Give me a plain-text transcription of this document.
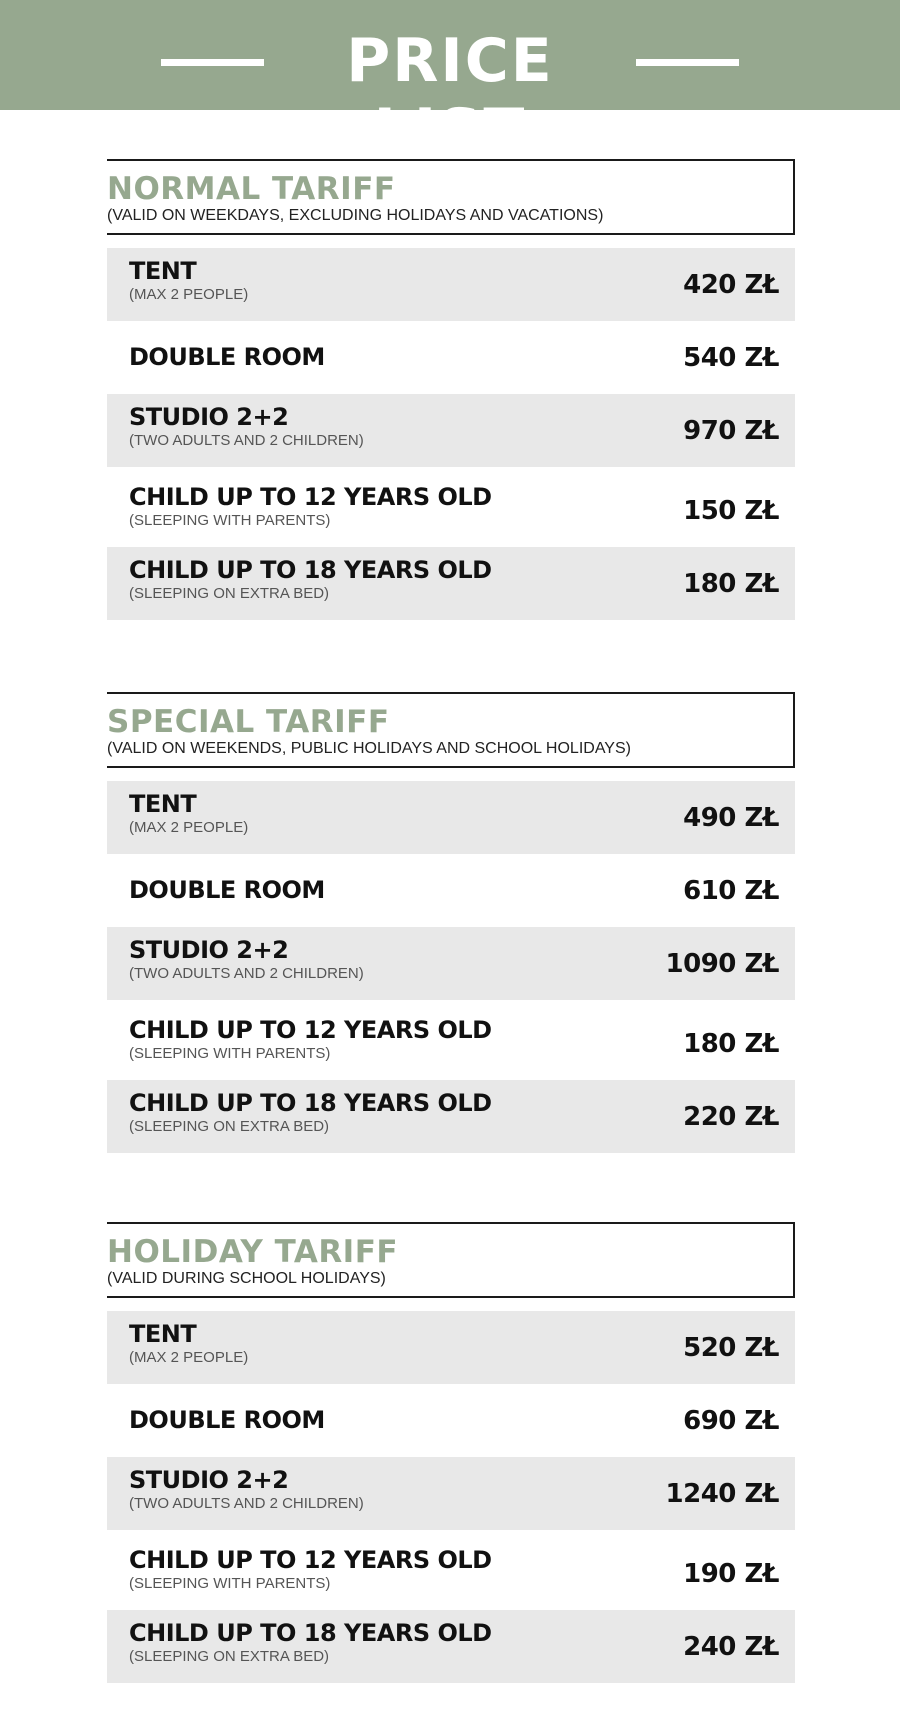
PRICE LIST
NORMAL TARIFF
(VALID ON WEEKDAYS, EXCLUDING HOLIDAYS AND VACATIONS)
TENT
(MAX 2 PEOPLE)	420 ZŁ
DOUBLE ROOM	540 ZŁ
STUDIO 2+2
(TWO ADULTS AND 2 CHILDREN)	970 ZŁ
CHILD UP TO 12 YEARS OLD
(SLEEPING WITH PARENTS)	150 ZŁ
CHILD UP TO 18 YEARS OLD
(SLEEPING ON EXTRA BED)	180 ZŁ
SPECIAL TARIFF
(VALID ON WEEKENDS, PUBLIC HOLIDAYS AND SCHOOL HOLIDAYS)
TENT
(MAX 2 PEOPLE)	490 ZŁ
DOUBLE ROOM	610 ZŁ
STUDIO 2+2
(TWO ADULTS AND 2 CHILDREN)	1090 ZŁ
CHILD UP TO 12 YEARS OLD
(SLEEPING WITH PARENTS)	180 ZŁ
CHILD UP TO 18 YEARS OLD
(SLEEPING ON EXTRA BED)	220 ZŁ
HOLIDAY TARIFF
(VALID DURING SCHOOL HOLIDAYS)
TENT
(MAX 2 PEOPLE)	520 ZŁ
DOUBLE ROOM	690 ZŁ
STUDIO 2+2
(TWO ADULTS AND 2 CHILDREN)	1240 ZŁ
CHILD UP TO 12 YEARS OLD
(SLEEPING WITH PARENTS)	190 ZŁ
CHILD UP TO 18 YEARS OLD
(SLEEPING ON EXTRA BED)	240 ZŁ
